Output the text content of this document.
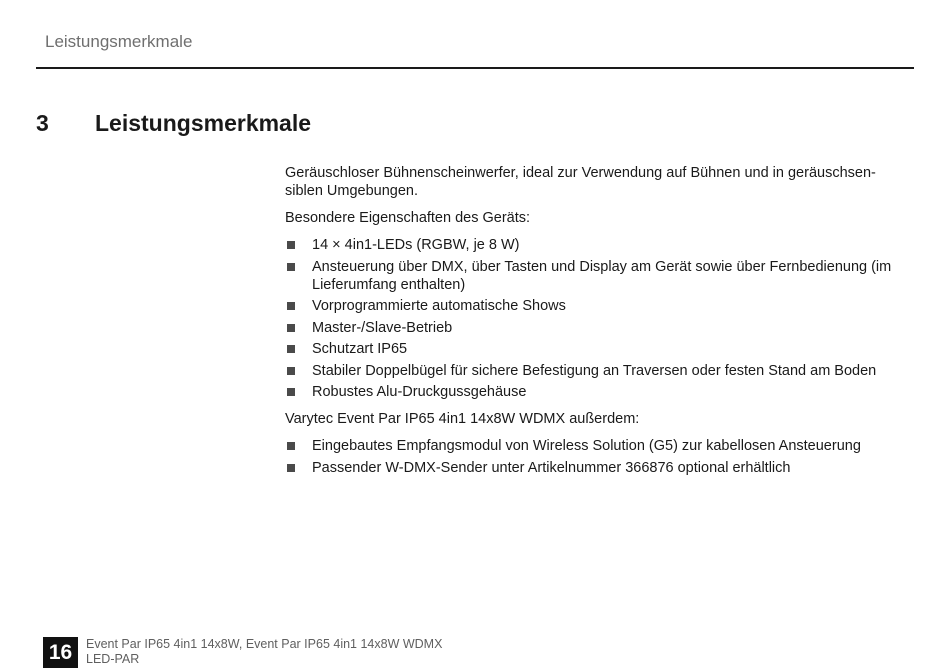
Leistungsmerkmale
3 Leistungsmerkmale

Geräuschloser Bühnenscheinwerfer, ideal zur Verwendung auf Bühnen und in geräuschsen-siblen Umgebungen.

Besondere Eigenschaften des Geräts:

14 × 4in1-LEDs (RGBW, je 8 W)
Ansteuerung über DMX, über Tasten und Display am Gerät sowie über Fernbedienung (im Lieferumfang enthalten)
Vorprogrammierte automatische Shows
Master-/Slave-Betrieb
Schutzart IP65
Stabiler Doppelbügel für sichere Befestigung an Traversen oder festen Stand am Boden
Robustes Alu-Druckgussgehäuse

Varytec Event Par IP65 4in1 14x8W WDMX außerdem:

Eingebautes Empfangsmodul von Wireless Solution (G5) zur kabellosen Ansteuerung
Passender W-DMX-Sender unter Artikelnummer 366876 optional erhältlich
16	Event Par IP65 4in1 14x8W, Event Par IP65 4in1 14x8W WDMX
LED-PAR
